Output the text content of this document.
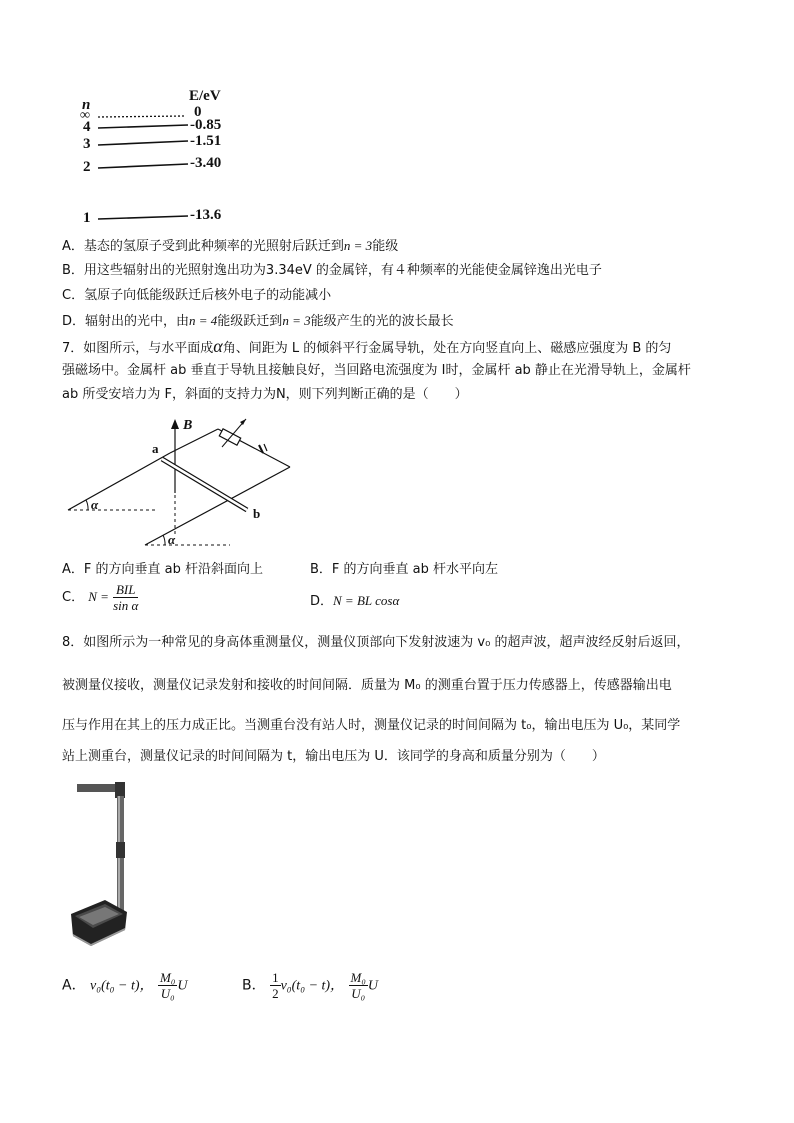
n
E/eV
∞	0
4	-0.85
3	-1.51
2	-3.40
1	-13.6
A．基态的氢原子受到此种频率的光照射后跃迁到n = 3能级
B．用这些辐射出的光照射逸出功为3.34eV 的金属锌，有４种频率的光能使金属锌逸出光电子
C．氢原子向低能级跃迁后核外电子的动能减小
D．辐射出的光中，由n = 4能级跃迁到n = 3能级产生的光的波长最长
7．如图所示，与水平面成α角、间距为 L 的倾斜平行金属导轨，处在方向竖直向上、磁感应强度为 B 的匀
强磁场中。金属杆 ab 垂直于导轨且接触良好，当回路电流强度为 I时，金属杆 ab 静止在光滑导轨上，金属杆
ab 所受安培力为 F，斜面的支持力为N，则下列判断正确的是（　　）
B
a
b
α
α
A．F 的方向垂直 ab 杆沿斜面向上	B．F 的方向垂直 ab 杆水平向左
C． $N = \frac{\text{BIL}}{\text{sin α}}$	D．N = BL cosα
8．如图所示为一种常见的身高体重测量仪，测量仪顶部向下发射波速为 v₀ 的超声波，超声波经反射后返回，
被测量仪接收，测量仪记录发射和接收的时间间隔．质量为 M₀ 的测重台置于压力传感器上，传感器输出电
压与作用在其上的压力成正比。当测重台没有站人时，测量仪记录的时间间隔为 t₀，输出电压为 U₀，某同学
站上测重台，测量仪记录的时间间隔为 t，输出电压为 U．该同学的身高和质量分别为（　　）
A． v₀(t₀ − t)， $\frac{\text{M₀}}{\text{U₀}}$ U	B． $\frac{1}{2} v_0(t_0 - t)$， $\frac{\text{M₀}}{\text{U₀}}$ U
